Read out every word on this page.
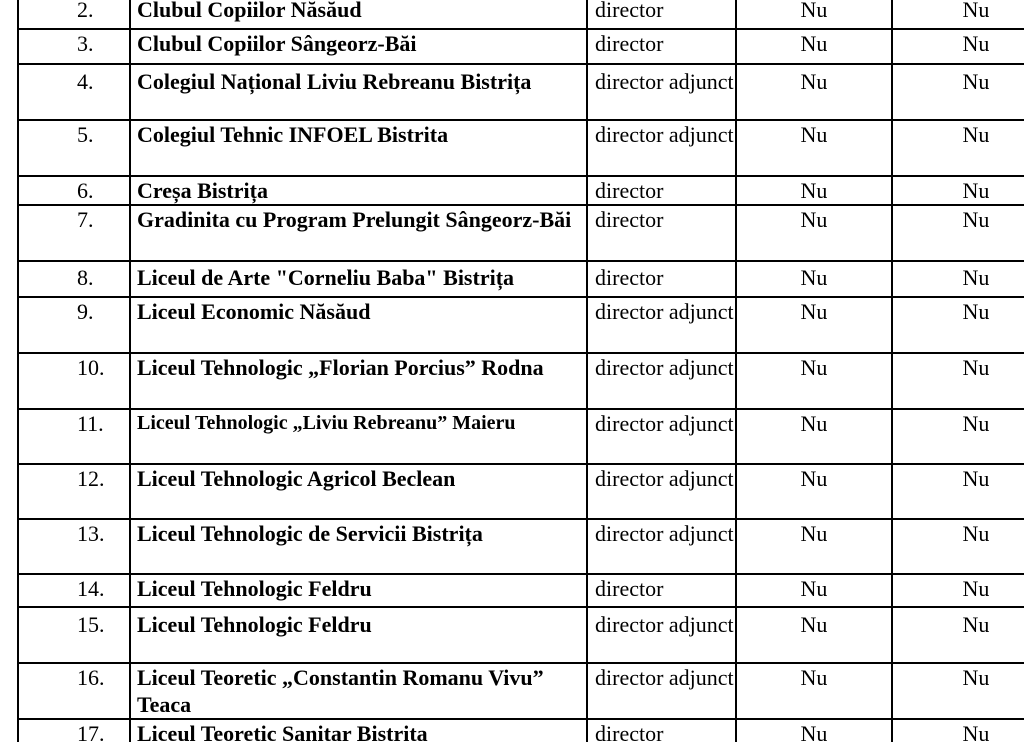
2.	Clubul Copiilor Năsăud	director	Nu	Nu
3.	Clubul Copiilor Sângeorz-Băi	director	Nu	Nu
4.	Colegiul Național Liviu Rebreanu Bistrița	director adjunct	Nu	Nu
5.	Colegiul Tehnic INFOEL Bistrita	director adjunct	Nu	Nu
6.	Creșa Bistrița	director	Nu	Nu
7.	Gradinita cu Program Prelungit Sângeorz-Băi	director	Nu	Nu
8.	Liceul de Arte "Corneliu Baba" Bistrița	director	Nu	Nu
9.	Liceul Economic Năsăud	director adjunct	Nu	Nu
10.	Liceul Tehnologic „Florian Porcius” Rodna	director adjunct	Nu	Nu
11.	Liceul Tehnologic „Liviu Rebreanu” Maieru	director adjunct	Nu	Nu
12.	Liceul Tehnologic Agricol Beclean	director adjunct	Nu	Nu
13.	Liceul Tehnologic de Servicii Bistrița	director adjunct	Nu	Nu
14.	Liceul Tehnologic Feldru	director	Nu	Nu
15.	Liceul Tehnologic Feldru	director adjunct	Nu	Nu
16.	Liceul Teoretic „Constantin Romanu Vivu” Teaca	director adjunct	Nu	Nu
17.	Liceul Teoretic Sanitar Bistrita	director	Nu	Nu
